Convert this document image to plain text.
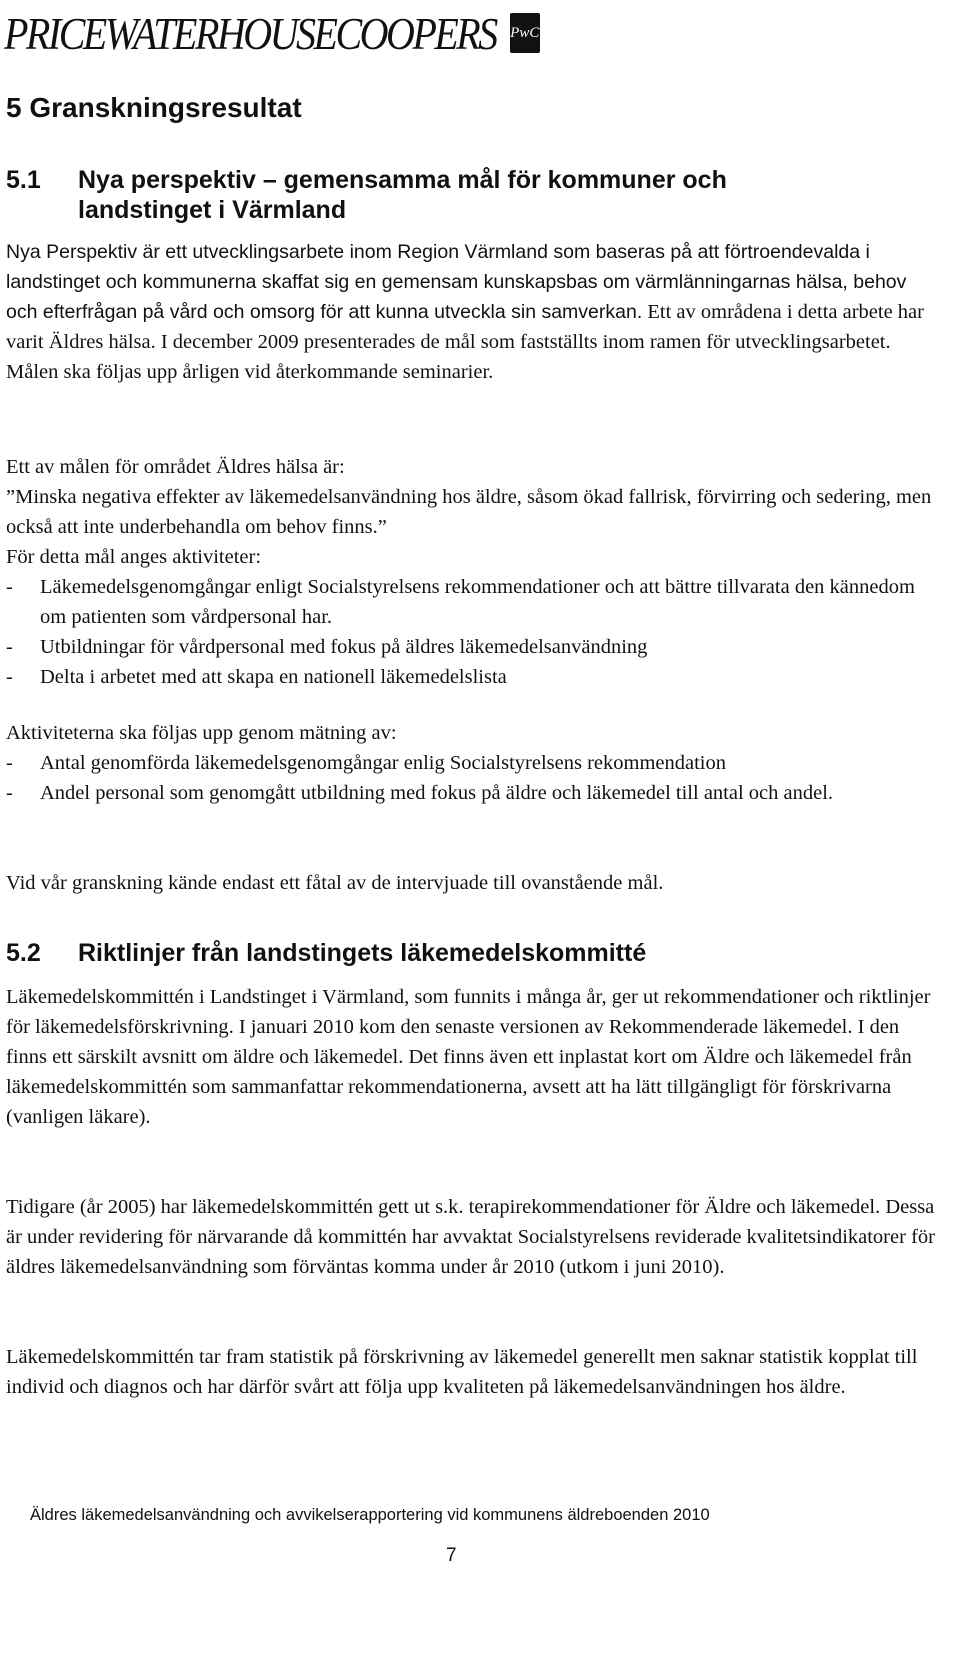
PRICEWATERHOUSECOOPERS PwC
5 Granskningsresultat
5.1	Nya perspektiv – gemensamma mål för kommuner och landstinget i Värmland
Nya Perspektiv är ett utvecklingsarbete inom Region Värmland som baseras på att förtroendevalda i landstinget och kommunerna skaffat sig en gemensam kunskapsbas om värmlänningarnas hälsa, behov och efterfrågan på vård och omsorg för att kunna utveckla sin samverkan. Ett av områdena i detta arbete har varit Äldres hälsa. I december 2009 presenterades de mål som fastställts inom ramen för utvecklingsarbetet. Målen ska följas upp årligen vid återkommande seminarier.
Ett av målen för området Äldres hälsa är:
”Minska negativa effekter av läkemedelsanvändning hos äldre, såsom ökad fallrisk, förvirring och sedering, men också att inte underbehandla om behov finns.”
För detta mål anges aktiviteter:
- Läkemedelsgenomgångar enligt Socialstyrelsens rekommendationer och att bättre tillvarata den kännedom om patienten som vårdpersonal har.
- Utbildningar för vårdpersonal med fokus på äldres läkemedelsanvändning
- Delta i arbetet med att skapa en nationell läkemedelslista
Aktiviteterna ska följas upp genom mätning av:
- Antal genomförda läkemedelsgenomgångar enlig Socialstyrelsens rekommendation
- Andel personal som genomgått utbildning med fokus på äldre och läkemedel till antal och andel.

Vid vår granskning kände endast ett fåtal av de intervjuade till ovanstående mål.

5.2	Riktlinjer från landstingets läkemedelskommitté

Läkemedelskommittén i Landstinget i Värmland, som funnits i många år, ger ut rekommendationer och riktlinjer för läkemedelsförskrivning. I januari 2010 kom den senaste versionen av Rekommenderade läkemedel. I den finns ett särskilt avsnitt om äldre och läkemedel. Det finns även ett inplastat kort om Äldre och läkemedel från läkemedelskommittén som sammanfattar rekommendationerna, avsett att ha lätt tillgängligt för förskrivarna (vanligen läkare).

Tidigare (år 2005) har läkemedelskommittén gett ut s.k. terapirekommendationer för Äldre och läkemedel. Dessa är under revidering för närvarande då kommittén har avvaktat Socialstyrelsens reviderade kvalitetsindikatorer för äldres läkemedelsanvändning som förväntas komma under år 2010 (utkom i juni 2010).

Läkemedelskommittén tar fram statistik på förskrivning av läkemedel generellt men saknar statistik kopplat till individ och diagnos och har därför svårt att följa upp kvaliteten på läkemedelsanvändningen hos äldre.

Äldres läkemedelsanvändning och avvikelserapportering vid kommunens äldreboenden 2010
7
